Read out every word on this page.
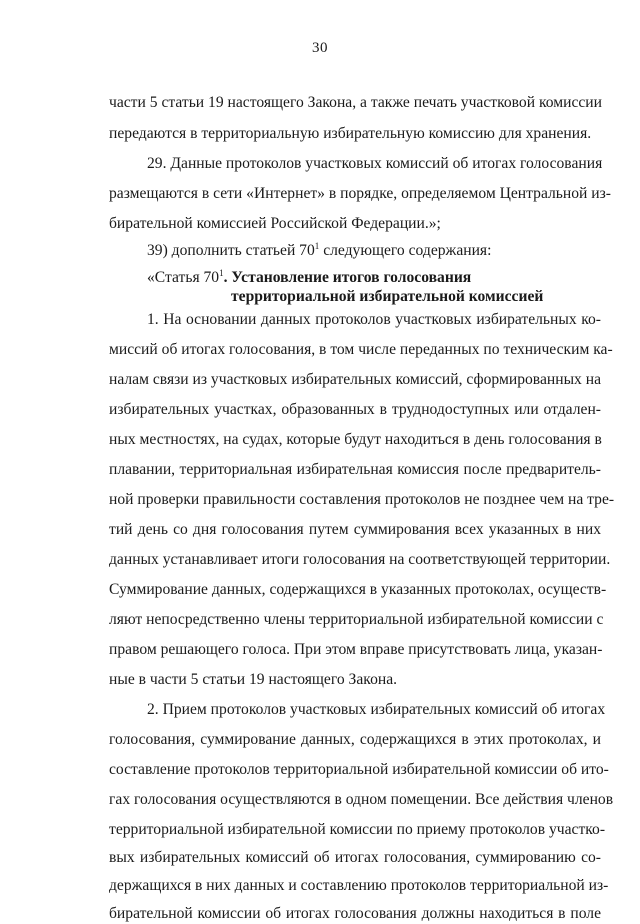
30
части 5 статьи 19 настоящего Закона, а также печать участковой комиссии
передаются в территориальную избирательную комиссию для хранения.
29. Данные протоколов участковых комиссий об итогах голосования
размещаются в сети «Интернет» в порядке, определяемом Центральной из-
бирательной комиссией Российской Федерации.»;
39) дополнить статьей $70^1$ следующего содержания:
«Статья $70^1$. Установление итогов голосования
территориальной избирательной комиссией
1. На основании данных протоколов участковых избирательных ко-
миссий об итогах голосования, в том числе переданных по техническим ка-
налам связи из участковых избирательных комиссий, сформированных на
избирательных участках, образованных в труднодоступных или отдален-
ных местностях, на судах, которые будут находиться в день голосования в
плавании, территориальная избирательная комиссия после предваритель-
ной проверки правильности составления протоколов не позднее чем на тре-
тий день со дня голосования путем суммирования всех указанных в них
данных устанавливает итоги голосования на соответствующей территории.
Суммирование данных, содержащихся в указанных протоколах, осуществ-
ляют непосредственно члены территориальной избирательной комиссии с
правом решающего голоса. При этом вправе присутствовать лица, указан-
ные в части 5 статьи 19 настоящего Закона.
2. Прием протоколов участковых избирательных комиссий об итогах
голосования, суммирование данных, содержащихся в этих протоколах, и
составление протоколов территориальной избирательной комиссии об ито-
гах голосования осуществляются в одном помещении. Все действия членов
территориальной избирательной комиссии по приему протоколов участко-
вых избирательных комиссий об итогах голосования, суммированию со-
держащихся в них данных и составлению протоколов территориальной из-
бирательной комиссии об итогах голосования должны находиться в поле
